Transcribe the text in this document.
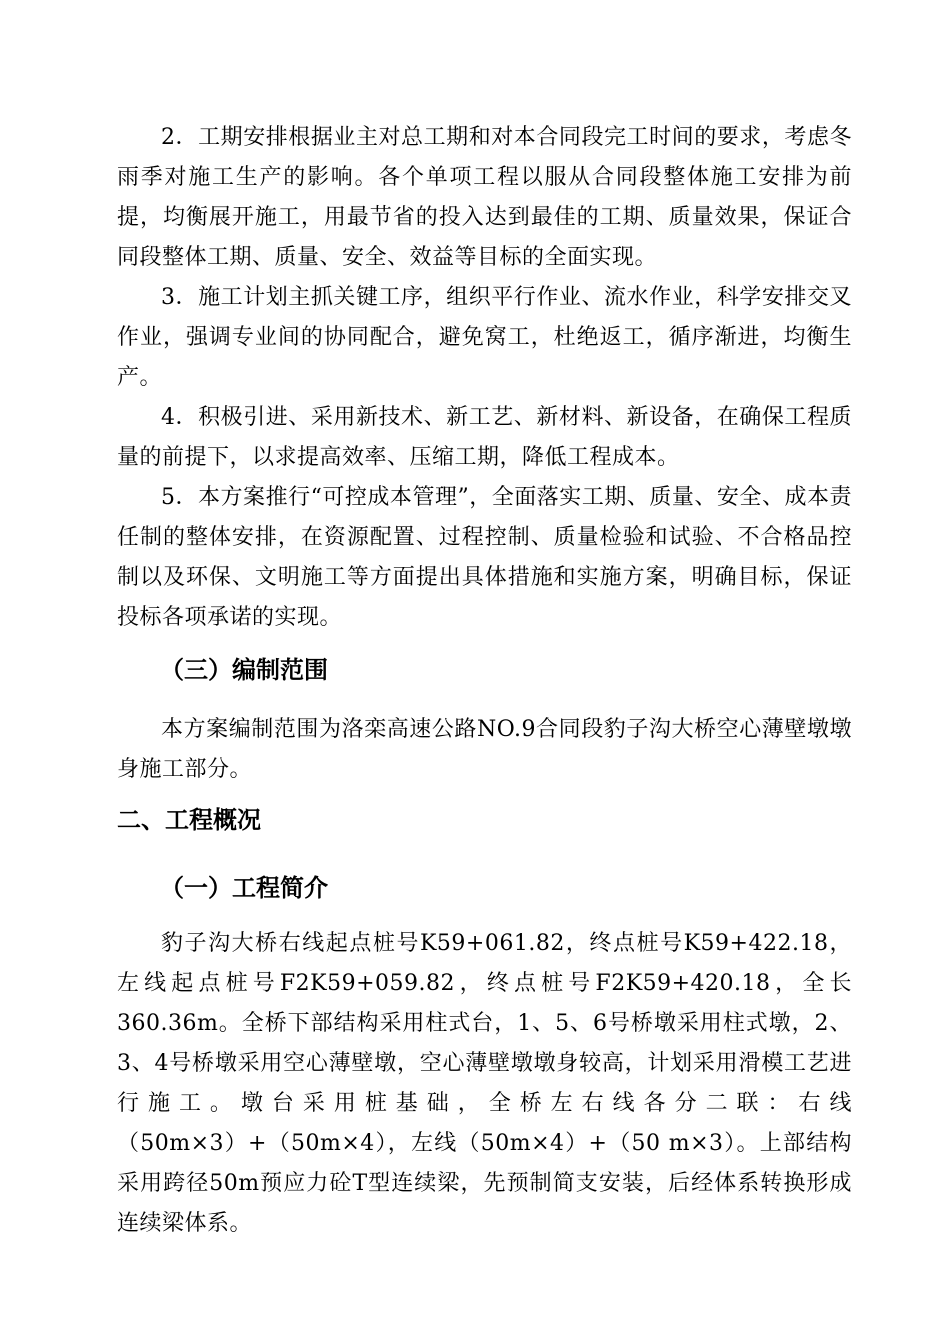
2．工期安排根据业主对总工期和对本合同段完工时间的要求，考虑冬雨季对施工生产的影响。各个单项工程以服从合同段整体施工安排为前提，均衡展开施工，用最节省的投入达到最佳的工期、质量效果，保证合同段整体工期、质量、安全、效益等目标的全面实现。

3．施工计划主抓关键工序，组织平行作业、流水作业，科学安排交叉作业，强调专业间的协同配合，避免窝工，杜绝返工，循序渐进，均衡生产。

4．积极引进、采用新技术、新工艺、新材料、新设备，在确保工程质量的前提下，以求提高效率、压缩工期，降低工程成本。

5．本方案推行“可控成本管理”，全面落实工期、质量、安全、成本责任制的整体安排，在资源配置、过程控制、质量检验和试验、不合格品控制以及环保、文明施工等方面提出具体措施和实施方案，明确目标，保证投标各项承诺的实现。

（三）编制范围

本方案编制范围为洛栾高速公路NO.9合同段豹子沟大桥空心薄壁墩墩身施工部分。

二、工程概况
（一）工程简介

豹子沟大桥右线起点桩号K59+061.82，终点桩号K59+422.18，左线起点桩号F2K59+059.82，终点桩号F2K59+420.18，全长360.36m。全桥下部结构采用柱式台，1、5、6号桥墩采用柱式墩，2、3、4号桥墩采用空心薄壁墩，空心薄壁墩墩身较高，计划采用滑模工艺进行施工。墩台采用桩基础，全桥左右线各分二联：右线（50m×3）+（50m×4），左线（50m×4）+（50 m×3）。上部结构采用跨径50m预应力砼T型连续梁，先预制简支安装，后经体系转换形成连续梁体系。
